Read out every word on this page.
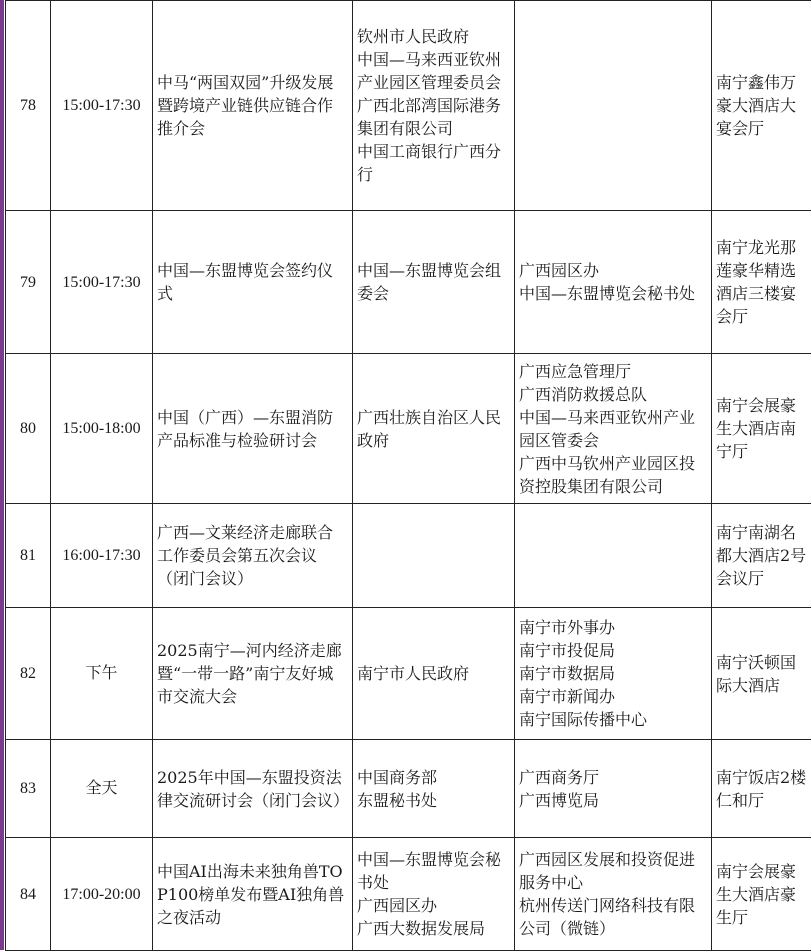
78	15:00-17:30	中马“两国双园”升级发展暨跨境产业链供应链合作推介会	钦州市人民政府
中国—马来西亚钦州产业园区管理委员会
广西北部湾国际港务集团有限公司
中国工商银行广西分行		南宁鑫伟万豪大酒店大宴会厅
79	15:00-17:30	中国—东盟博览会签约仪式	中国—东盟博览会组委会	广西园区办
中国—东盟博览会秘书处	南宁龙光那莲豪华精选酒店三楼宴会厅
80	15:00-18:00	中国（广西）—东盟消防产品标准与检验研讨会	广西壮族自治区人民政府	广西应急管理厅
广西消防救援总队
中国—马来西亚钦州产业园区管委会
广西中马钦州产业园区投资控股集团有限公司	南宁会展豪生大酒店南宁厅
81	16:00-17:30	广西—文莱经济走廊联合工作委员会第五次会议（闭门会议）			南宁南湖名都大酒店2号会议厅
82	下午	2025南宁—河内经济走廊暨“一带一路”南宁友好城市交流大会	南宁市人民政府	南宁市外事办
南宁市投促局
南宁市数据局
南宁市新闻办
南宁国际传播中心	南宁沃顿国际大酒店
83	全天	2025年中国—东盟投资法律交流研讨会（闭门会议）	中国商务部
东盟秘书处	广西商务厅
广西博览局	南宁饭店2楼仁和厅
84	17:00-20:00	中国AI出海未来独角兽TOP100榜单发布暨AI独角兽之夜活动	中国—东盟博览会秘书处
广西园区办
广西大数据发展局	广西园区发展和投资促进服务中心
杭州传送门网络科技有限公司（微链）	南宁会展豪生大酒店豪生厅
